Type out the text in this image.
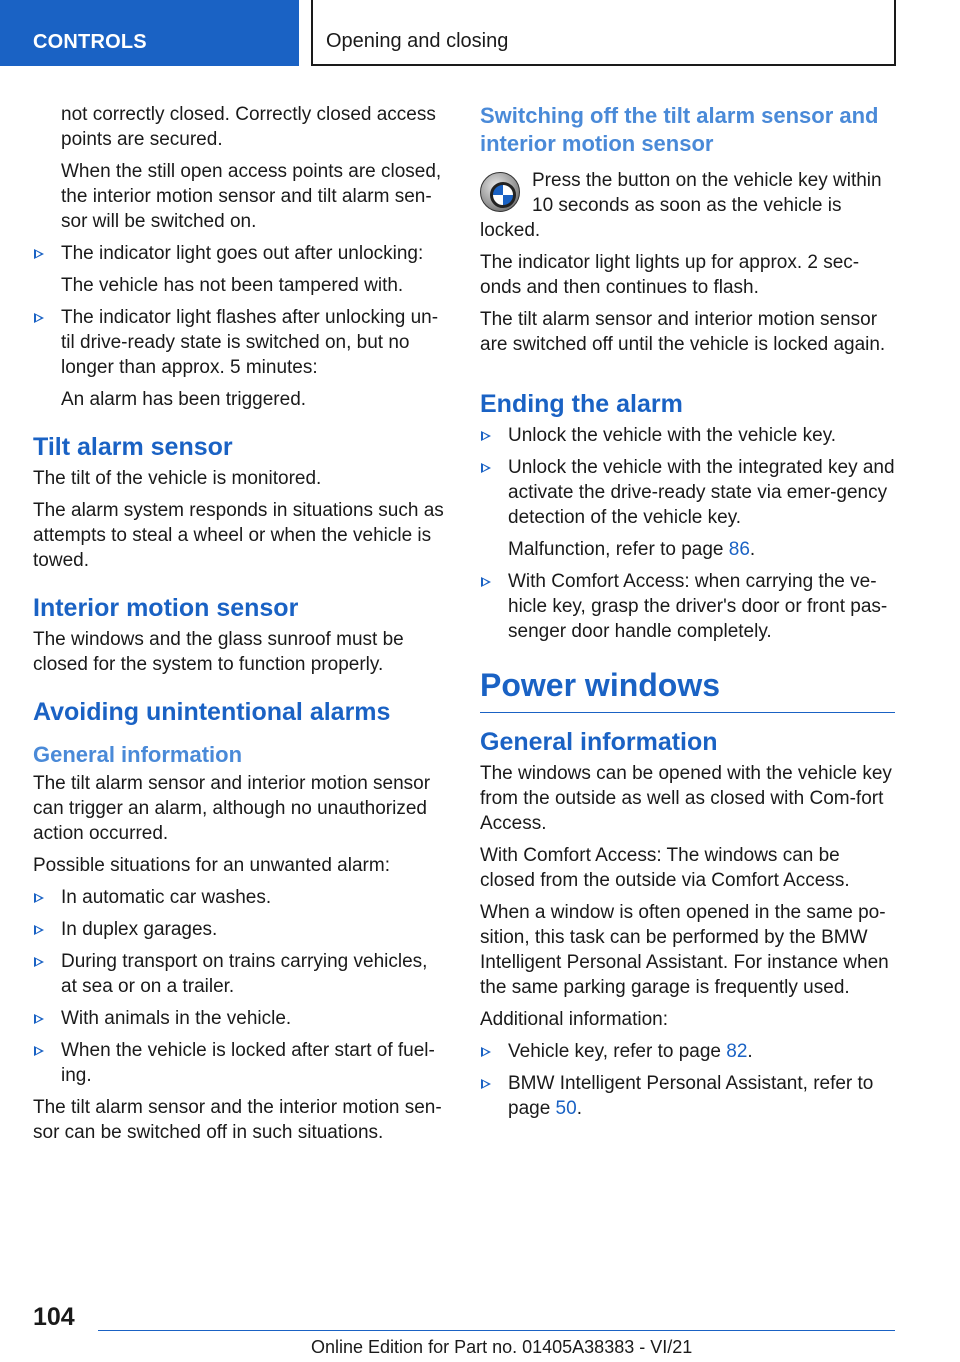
CONTROLS	Opening and closing

not correctly closed. Correctly closed access points are secured.

When the still open access points are closed, the interior motion sensor and tilt alarm sen‐sor will be switched on.

The indicator light goes out after unlocking:

The vehicle has not been tampered with.

The indicator light flashes after unlocking un‐til drive-ready state is switched on, but no longer than approx. 5 minutes:

An alarm has been triggered.

Tilt alarm sensor

The tilt of the vehicle is monitored.

The alarm system responds in situations such as attempts to steal a wheel or when the vehicle is towed.

Interior motion sensor

The windows and the glass sunroof must be closed for the system to function properly.

Avoiding unintentional alarms
General information

The tilt alarm sensor and interior motion sensor can trigger an alarm, although no unauthorized action occurred.

Possible situations for an unwanted alarm:

In automatic car washes.

In duplex garages.

During transport on trains carrying vehicles, at sea or on a trailer.

With animals in the vehicle.

When the vehicle is locked after start of fuel‐ing.

The tilt alarm sensor and the interior motion sen‐sor can be switched off in such situations.

Switching off the tilt alarm sensor and interior motion sensor

Press the button on the vehicle key within 10 seconds as soon as the vehicle is locked.

The indicator light lights up for approx. 2 sec‐onds and then continues to flash.

The tilt alarm sensor and interior motion sensor are switched off until the vehicle is locked again.

Ending the alarm

Unlock the vehicle with the vehicle key.

Unlock the vehicle with the integrated key and activate the drive-ready state via emer‐gency detection of the vehicle key.

Malfunction, refer to page 86.

With Comfort Access: when carrying the ve‐hicle key, grasp the driver's door or front pas‐senger door handle completely.

Power windows
General information

The windows can be opened with the vehicle key from the outside as well as closed with Com‐fort Access.

With Comfort Access: The windows can be closed from the outside via Comfort Access.

When a window is often opened in the same po‐sition, this task can be performed by the BMW Intelligent Personal Assistant. For instance when the same parking garage is frequently used.

Additional information:

Vehicle key, refer to page 82.

BMW Intelligent Personal Assistant, refer to page 50.

104
Online Edition for Part no. 01405A38383 - VI/21
